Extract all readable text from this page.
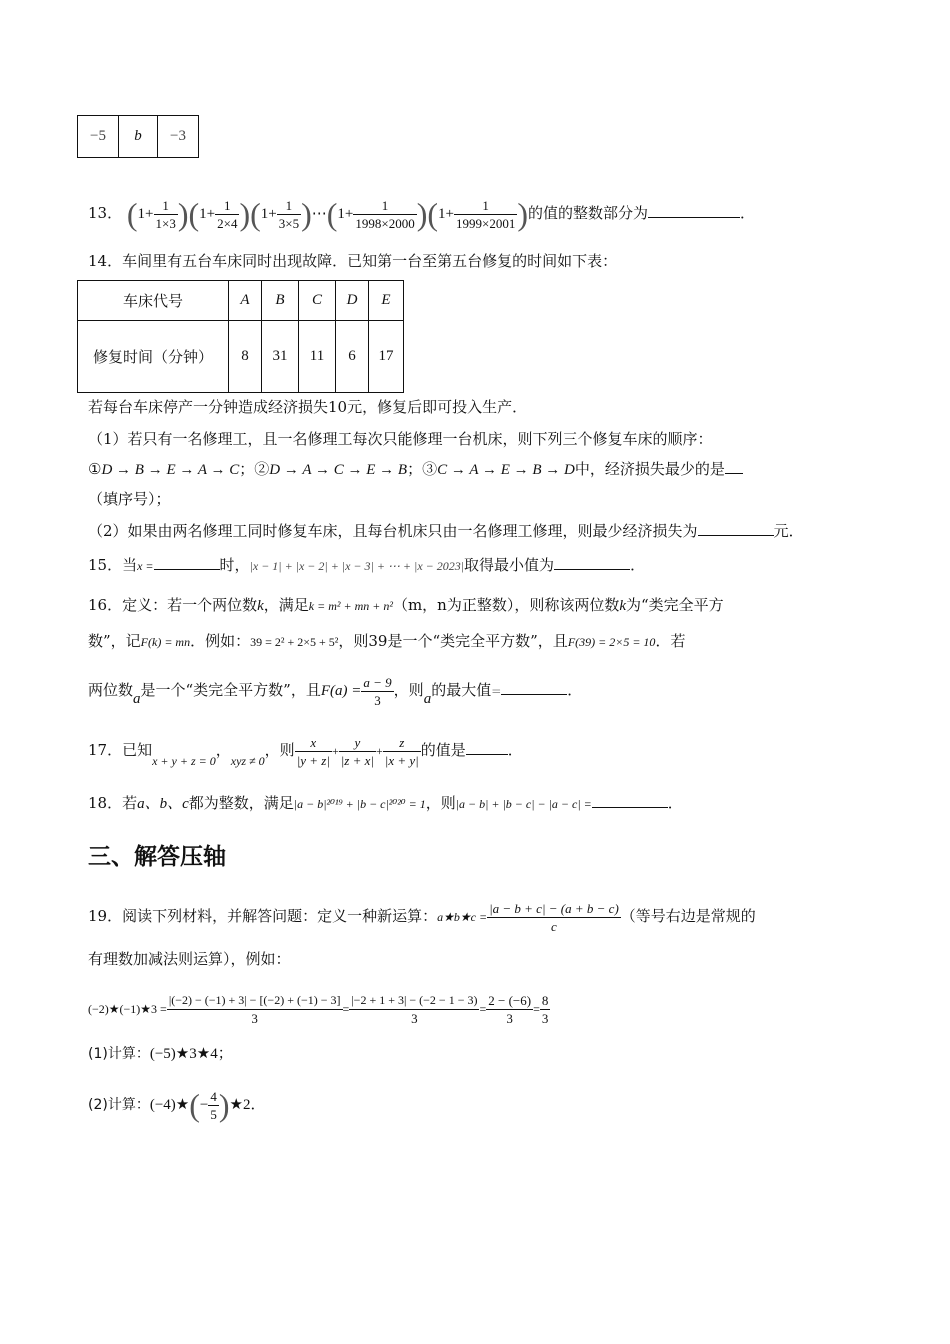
−5	b	−3
13． $(1+ \frac{1}{1\times 3} )(1+ \frac{1}{2\times 4} )(1+ \frac{1}{3\times 5}$ )⋯(1+ $\frac{1}{1998\times 2000} )(1+ \frac{1}{1999\times 2001}$ )的值的整数部分为	．
14．车间里有五台车床同时出现故障．已知第一台至第五台修复的时间如下表：
车床代号	A	B	C	D	E
修复时间（分钟）	8	31	11	6	17
若每台车床停产一分钟造成经济损失10元，修复后即可投入生产．
（1）若只有一名修理工，且一名修理工每次只能修理一台机床，则下列三个修复车床的顺序：
①D → B → E → A → C；②D → A → C → E → B；③C → A → E → B → D中，经济损失最少的是
（填序号）；
（2）如果由两名修理工同时修复车床，且每台机床只由一名修理工修理，则最少经济损失为	元．
15．当x =	时，|x − 1| + |x − 2| + |x − 3| + ⋯ + |x − 2023|取得最小值为	．
16．定义：若一个两位数k，满足k = m² + mn + n²（m，n为正整数），则称该两位数k为“类完全平方
数”，记F(k) = mn．例如：39 = 2² + 2×5 + 5²，则39是一个“类完全平方数”，且F(39) = 2×5 = 10．若
两位数a是一个“类完全平方数”，且$F(a) = \frac{a - 9}{3}$ ，则a的最大值=	．
17．已知$_{x + y + z = 0}$，$_{xyz \ne 0}$，则 $\frac{x}{|y + z|} + \frac{y}{|z + x|} + \frac{z}{|x + y|}$ 的值是	．
18．若a、b、c都为整数，满足|a − b|²⁰¹⁹ + |b − c|²⁰²⁰ = 1，则|a − b| + |b − c| − |a − c| =	．
三、解答压轴
19．阅读下列材料，并解答问题：定义一种新运算：a★b★c = $\frac{|a - b + c| - (a + b - c)}{c}$ （等号右边是常规的
有理数加减法则运算），例如：
(−2)★(−1)★3 = $\frac{|(-2) - (-1) + 3| - [(-2) + (-1) - 3]}{3} = \frac{|-2 + 1 + 3| - (-2 - 1 - 3)}{3} = \frac{2 - (-6)}{3} = \frac{8}{3}$
(1)计算：(−5)★3★4；
(2)计算：(−4)★(− $\frac{4}{5}$ )★2．
